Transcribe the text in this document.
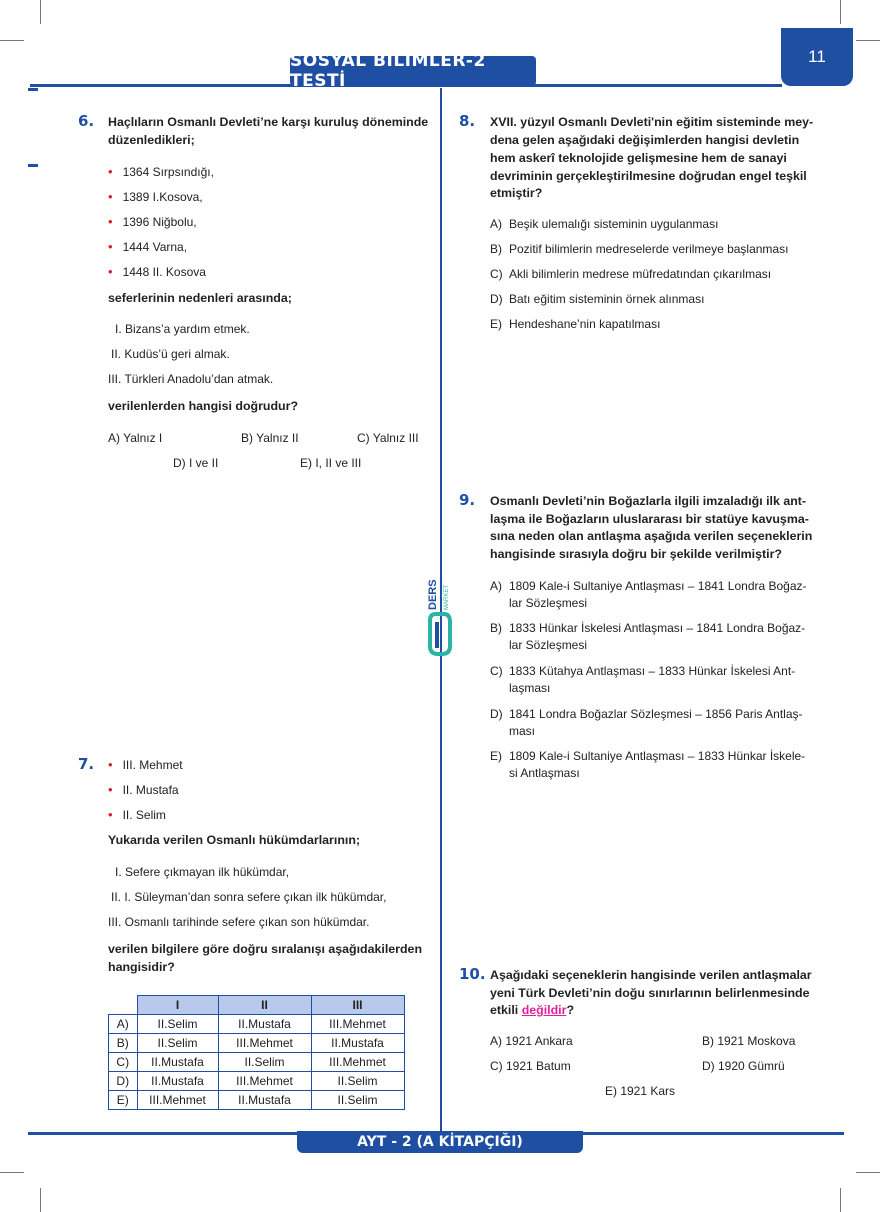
SOSYAL BİLİMLER-2 TESTİ
11
DERS MARKET
6. Haçlıların Osmanlı Devleti’ne karşı kuruluş döneminde
düzenledikleri;
• 1364 Sırpsındığı,
• 1389 I.Kosova,
• 1396 Niğbolu,
• 1444 Varna,
• 1448 II. Kosova
seferlerinin nedenleri arasında;
I. Bizans’a yardım etmek.
II. Kudüs’ü geri almak.
III. Türkleri Anadolu’dan atmak.
verilenlerden hangisi doğrudur?
A) Yalnız I	B) Yalnız II	C) Yalnız III
D) I ve II	E) I, II ve III
7. • III. Mehmet
• II. Mustafa
• II. Selim
Yukarıda verilen Osmanlı hükümdarlarının;
I. Sefere çıkmayan ilk hükümdar,
II. I. Süleyman’dan sonra sefere çıkan ilk hükümdar,
III. Osmanlı tarihinde sefere çıkan son hükümdar.
verilen bilgilere göre doğru sıralanışı aşağıdakilerden
hangisidir?
	I	II	III
A)	II.Selim	II.Mustafa	III.Mehmet
B)	II.Selim	III.Mehmet	II.Mustafa
C)	II.Mustafa	II.Selim	III.Mehmet
D)	II.Mustafa	III.Mehmet	II.Selim
E)	III.Mehmet	II.Mustafa	II.Selim
8. XVII. yüzyıl Osmanlı Devleti'nin eğitim sisteminde mey-
dena gelen aşağıdaki değişimlerden hangisi devletin
hem askerî teknolojide gelişmesine hem de sanayi
devriminin gerçekleştirilmesine doğrudan engel teşkil
etmiştir?
A) Beşik ulemalığı sisteminin uygulanması
B) Pozitif bilimlerin medreselerde verilmeye başlanması
C) Akli bilimlerin medrese müfredatından çıkarılması
D) Batı eğitim sisteminin örnek alınması
E) Hendeshane’nin kapatılması
9. Osmanlı Devleti’nin Boğazlarla ilgili imzaladığı ilk ant-
laşma ile Boğazların uluslararası bir statüye kavuşma-
sına neden olan antlaşma aşağıda verilen seçeneklerin
hangisinde sırasıyla doğru bir şekilde verilmiştir?
A) 1809 Kale-i Sultaniye Antlaşması – 1841 Londra Boğaz-
lar Sözleşmesi
B) 1833 Hünkar İskelesi Antlaşması – 1841 Londra Boğaz-
lar Sözleşmesi
C) 1833 Kütahya Antlaşması – 1833 Hünkar İskelesi Ant-
laşması
D) 1841 Londra Boğazlar Sözleşmesi – 1856 Paris Antlaş-
ması
E) 1809 Kale-i Sultaniye Antlaşması – 1833 Hünkar İskele-
si Antlaşması
10. Aşağıdaki seçeneklerin hangisinde verilen antlaşmalar
yeni Türk Devleti’nin doğu sınırlarının belirlenmesinde
etkili değildir?
A) 1921 Ankara	B) 1921 Moskova
C) 1921 Batum	D) 1920 Gümrü
E) 1921 Kars
AYT - 2 (A KİTAPÇIĞI)
